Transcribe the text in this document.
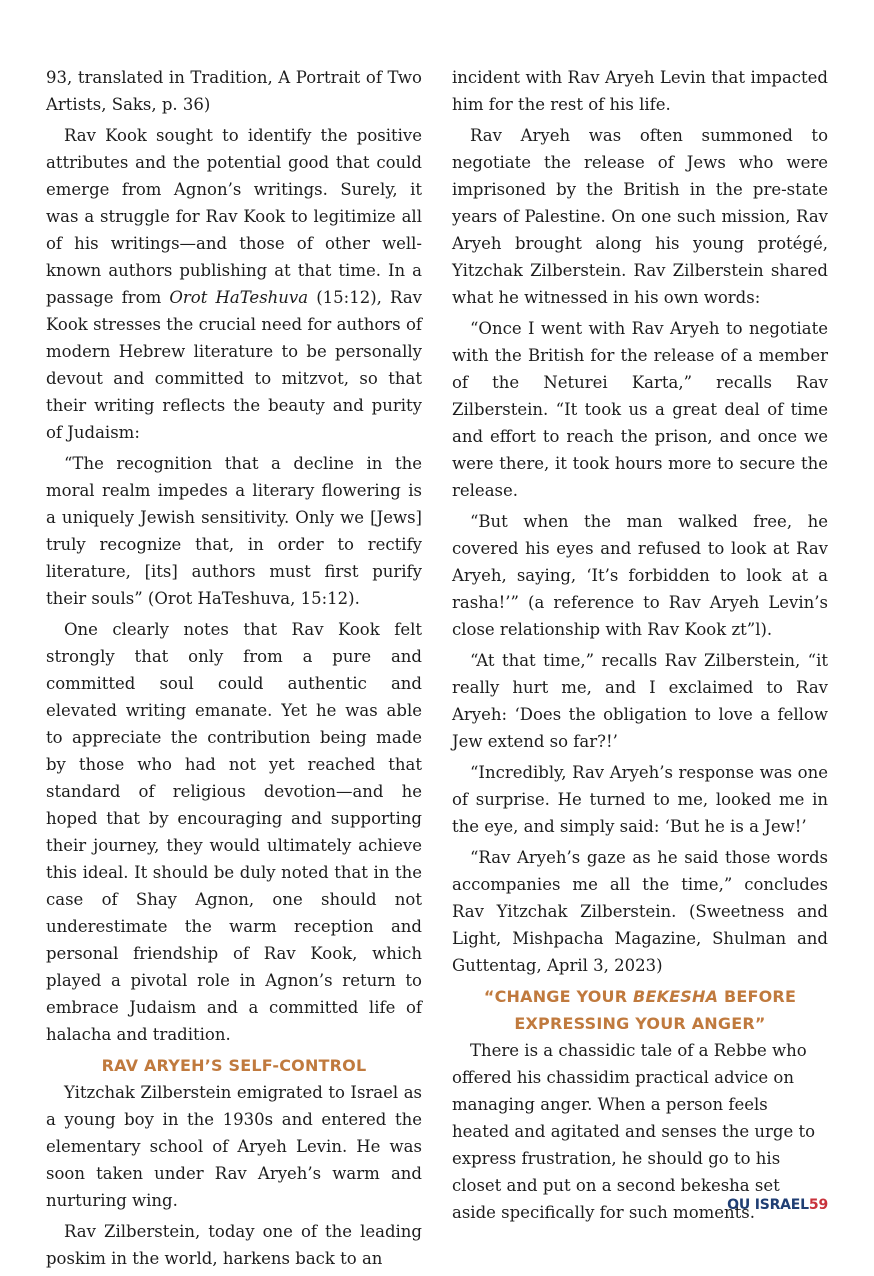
93, translated in Tradition, A Portrait of Two Artists, Saks, p. 36)

Rav Kook sought to identify the positive attributes and the potential good that could emerge from Agnon’s writings. Surely, it was a struggle for Rav Kook to legitimize all of his writings—and those of other well-known authors publishing at that time. In a passage from Orot HaTeshuva (15:12), Rav Kook stresses the crucial need for authors of modern Hebrew literature to be personally devout and committed to mitzvot, so that their writing reflects the beauty and purity of Judaism:

“The recognition that a decline in the moral realm impedes a literary flowering is a uniquely Jewish sensitivity. Only we [Jews] truly recognize that, in order to rectify literature, [its] authors must first purify their souls” (Orot HaTeshuva, 15:12).

One clearly notes that Rav Kook felt strongly that only from a pure and committed soul could authentic and elevated writing emanate. Yet he was able to appreciate the contribution being made by those who had not yet reached that standard of religious devotion—and he hoped that by encouraging and supporting their journey, they would ultimately achieve this ideal. It should be duly noted that in the case of Shay Agnon, one should not underestimate the warm reception and personal friendship of Rav Kook, which played a pivotal role in Agnon’s return to embrace Judaism and a committed life of halacha and tradition.

RAV ARYEH’S SELF-CONTROL

Yitzchak Zilberstein emigrated to Israel as a young boy in the 1930s and entered the elementary school of Aryeh Levin. He was soon taken under Rav Aryeh’s warm and nurturing wing.

Rav Zilberstein, today one of the leading poskim in the world, harkens back to an

incident with Rav Aryeh Levin that impacted him for the rest of his life.

Rav Aryeh was often summoned to negotiate the release of Jews who were imprisoned by the British in the pre-state years of Palestine. On one such mission, Rav Aryeh brought along his young protégé, Yitzchak Zilberstein. Rav Zilberstein shared what he witnessed in his own words:

“Once I went with Rav Aryeh to negotiate with the British for the release of a member of the Neturei Karta,” recalls Rav Zilberstein. “It took us a great deal of time and effort to reach the prison, and once we were there, it took hours more to secure the release.

“But when the man walked free, he covered his eyes and refused to look at Rav Aryeh, saying, ‘It’s forbidden to look at a rasha!’” (a reference to Rav Aryeh Levin’s close relationship with Rav Kook zt”l).

“At that time,” recalls Rav Zilberstein, “it really hurt me, and I exclaimed to Rav Aryeh: ‘Does the obligation to love a fellow Jew extend so far?!’

“Incredibly, Rav Aryeh’s response was one of surprise. He turned to me, looked me in the eye, and simply said: ‘But he is a Jew!’

“Rav Aryeh’s gaze as he said those words accompanies me all the time,” concludes Rav Yitzchak Zilberstein. (Sweetness and Light, Mishpacha Magazine, Shulman and Guttentag, April 3, 2023)

“CHANGE YOUR BEKESHA BEFORE EXPRESSING YOUR ANGER”

There is a chassidic tale of a Rebbe who offered his chassidim practical advice on managing anger. When a person feels heated and agitated and senses the urge to express frustration, he should go to his closet and put on a second bekesha set aside specifically for such moments.

OU ISRAEL59
